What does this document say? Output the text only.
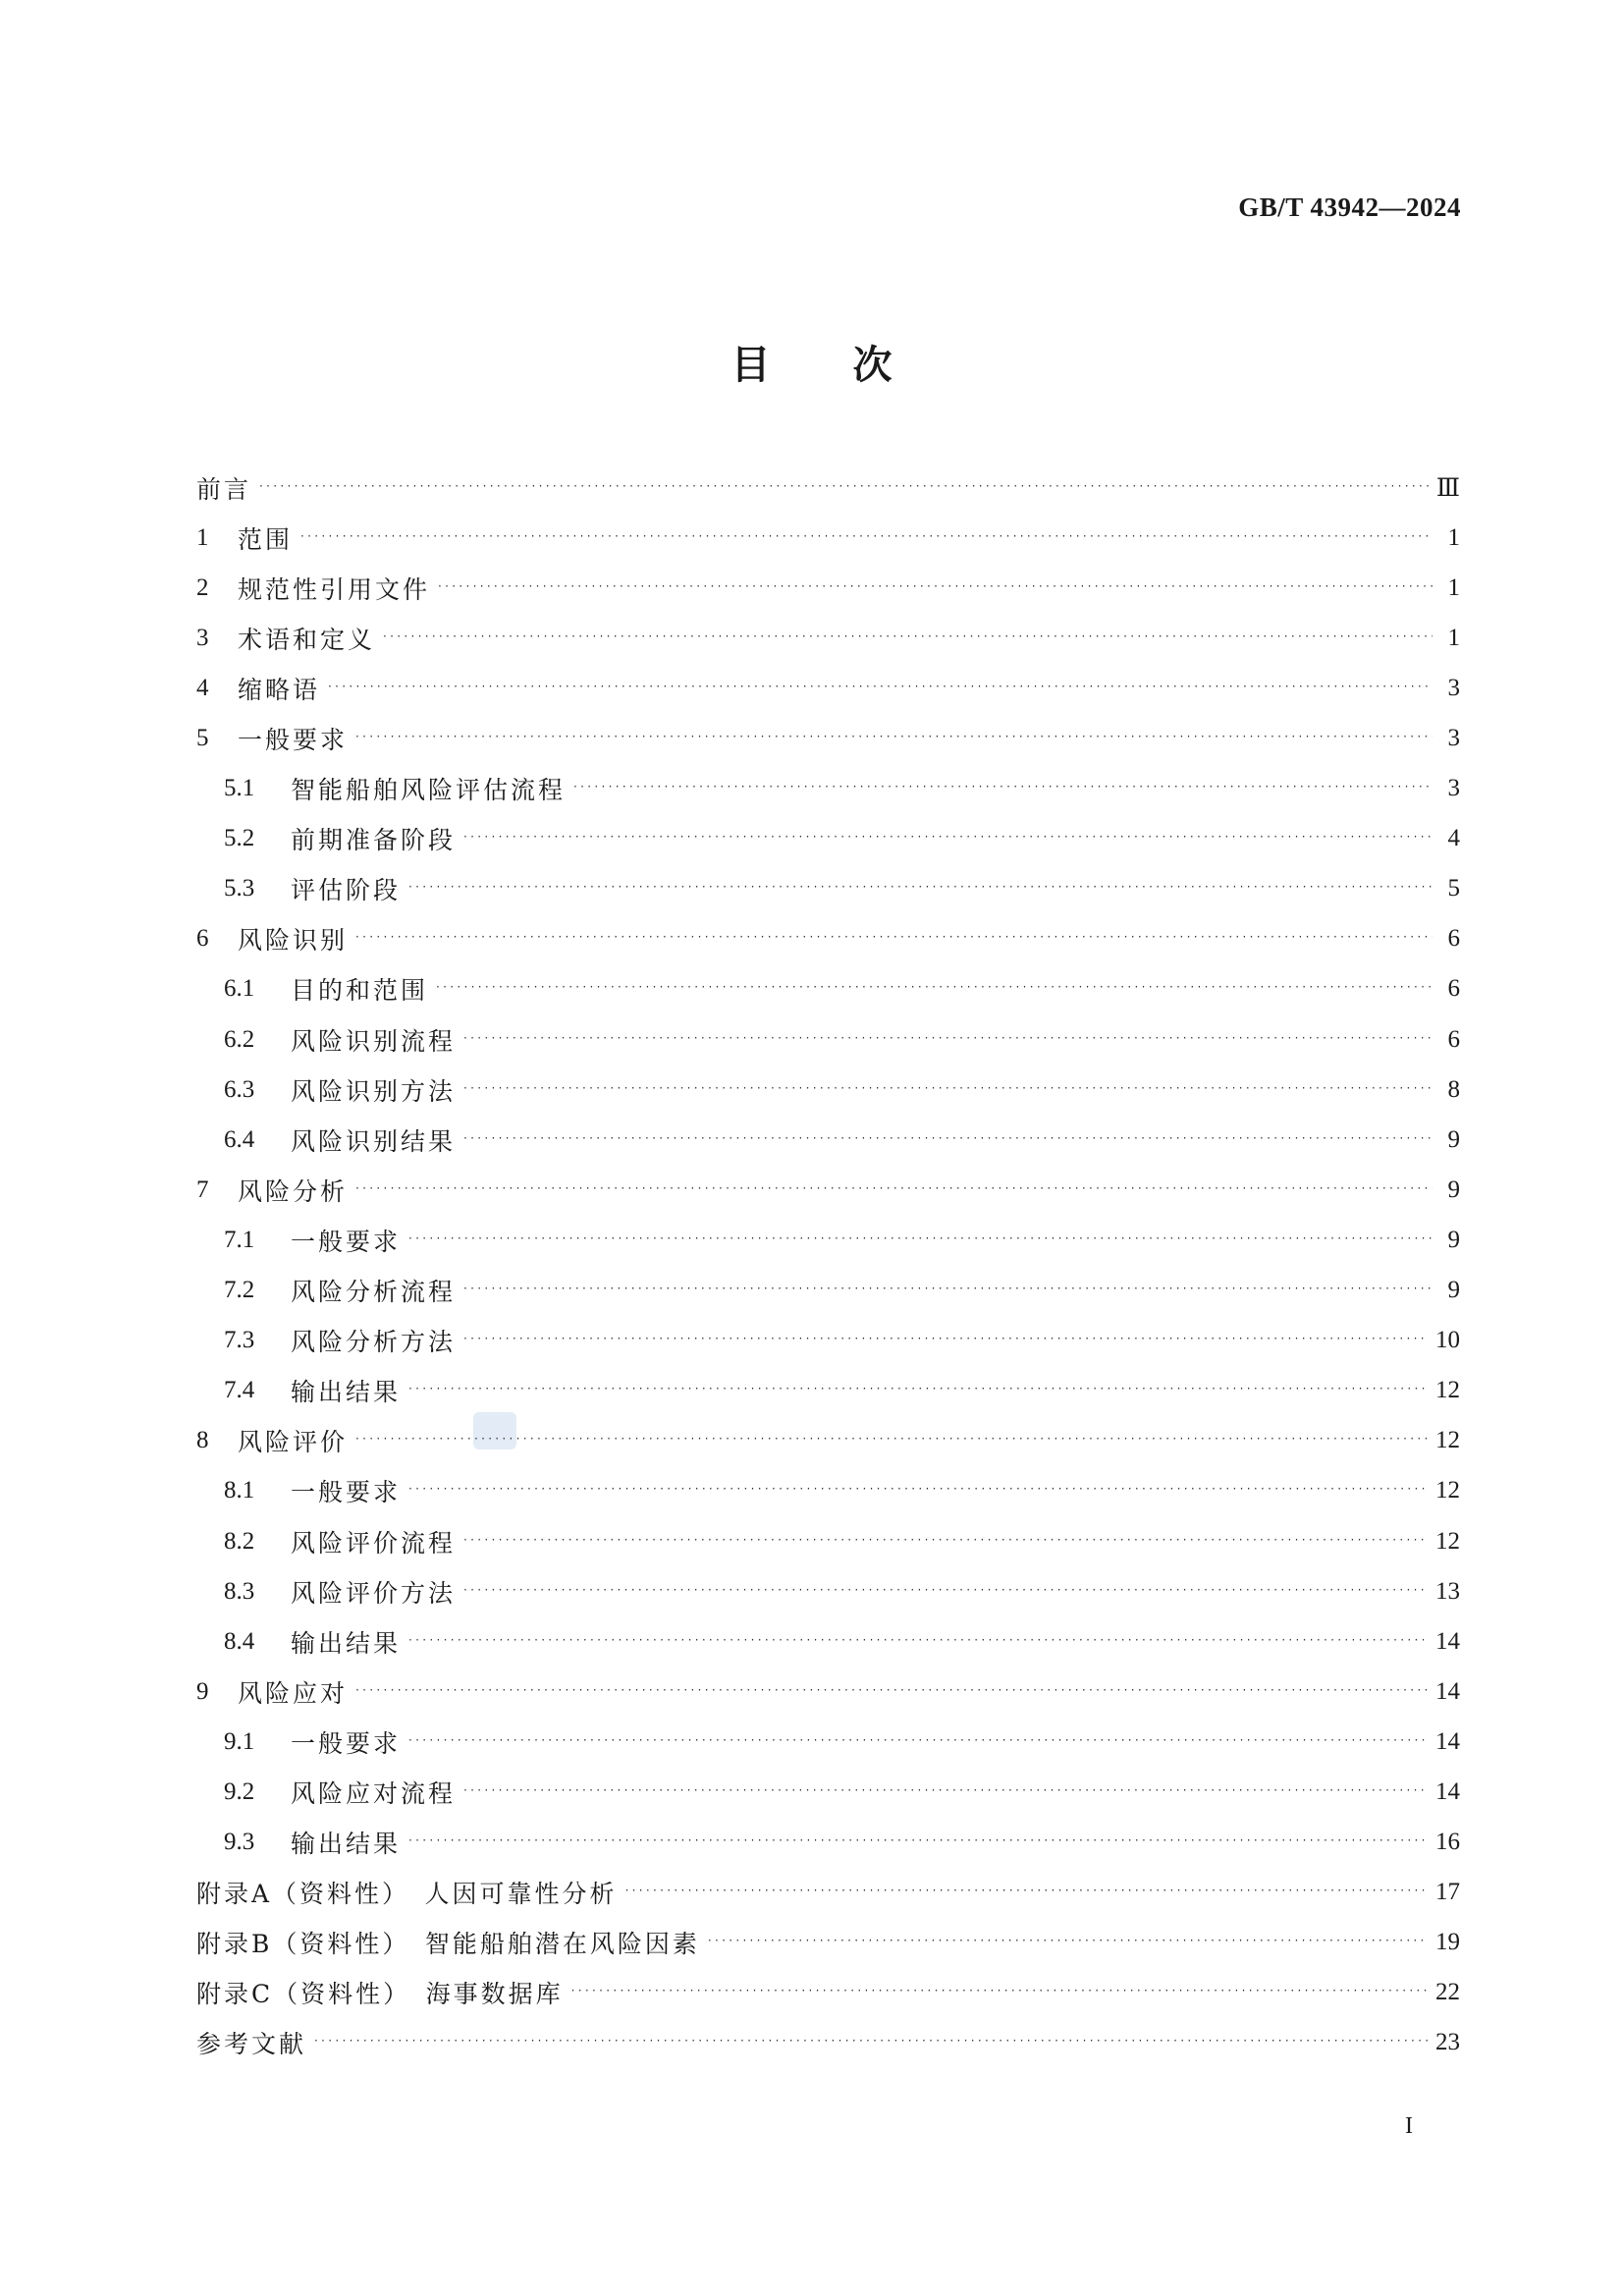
GB/T 43942—2024
目次
前言 ·····	Ⅲ
1	范围 ·····	1
2	规范性引用文件 ·····	1
3	术语和定义 ·····	1
4	缩略语 ·····	3
5	一般要求 ·····	3
5.1	智能船舶风险评估流程 ·····	3
5.2	前期准备阶段 ·····	4
5.3	评估阶段 ·····	5
6	风险识别 ·····	6
6.1	目的和范围 ·····	6
6.2	风险识别流程 ·····	6
6.3	风险识别方法 ·····	8
6.4	风险识别结果 ·····	9
7	风险分析 ·····	9
7.1	一般要求 ·····	9
7.2	风险分析流程 ·····	9
7.3	风险分析方法 ·····	10
7.4	输出结果 ·····	12
8	风险评价 ·····	12
8.1	一般要求 ·····	12
8.2	风险评价流程 ·····	12
8.3	风险评价方法 ·····	13
8.4	输出结果 ·····	14
9	风险应对 ·····	14
9.1	一般要求 ·····	14
9.2	风险应对流程 ·····	14
9.3	输出结果 ·····	16
附录A（资料性）　人因可靠性分析 ·····	17
附录B（资料性）　智能船舶潜在风险因素 ·····	19
附录C（资料性）　海事数据库 ·····	22
参考文献 ·····	23
I
